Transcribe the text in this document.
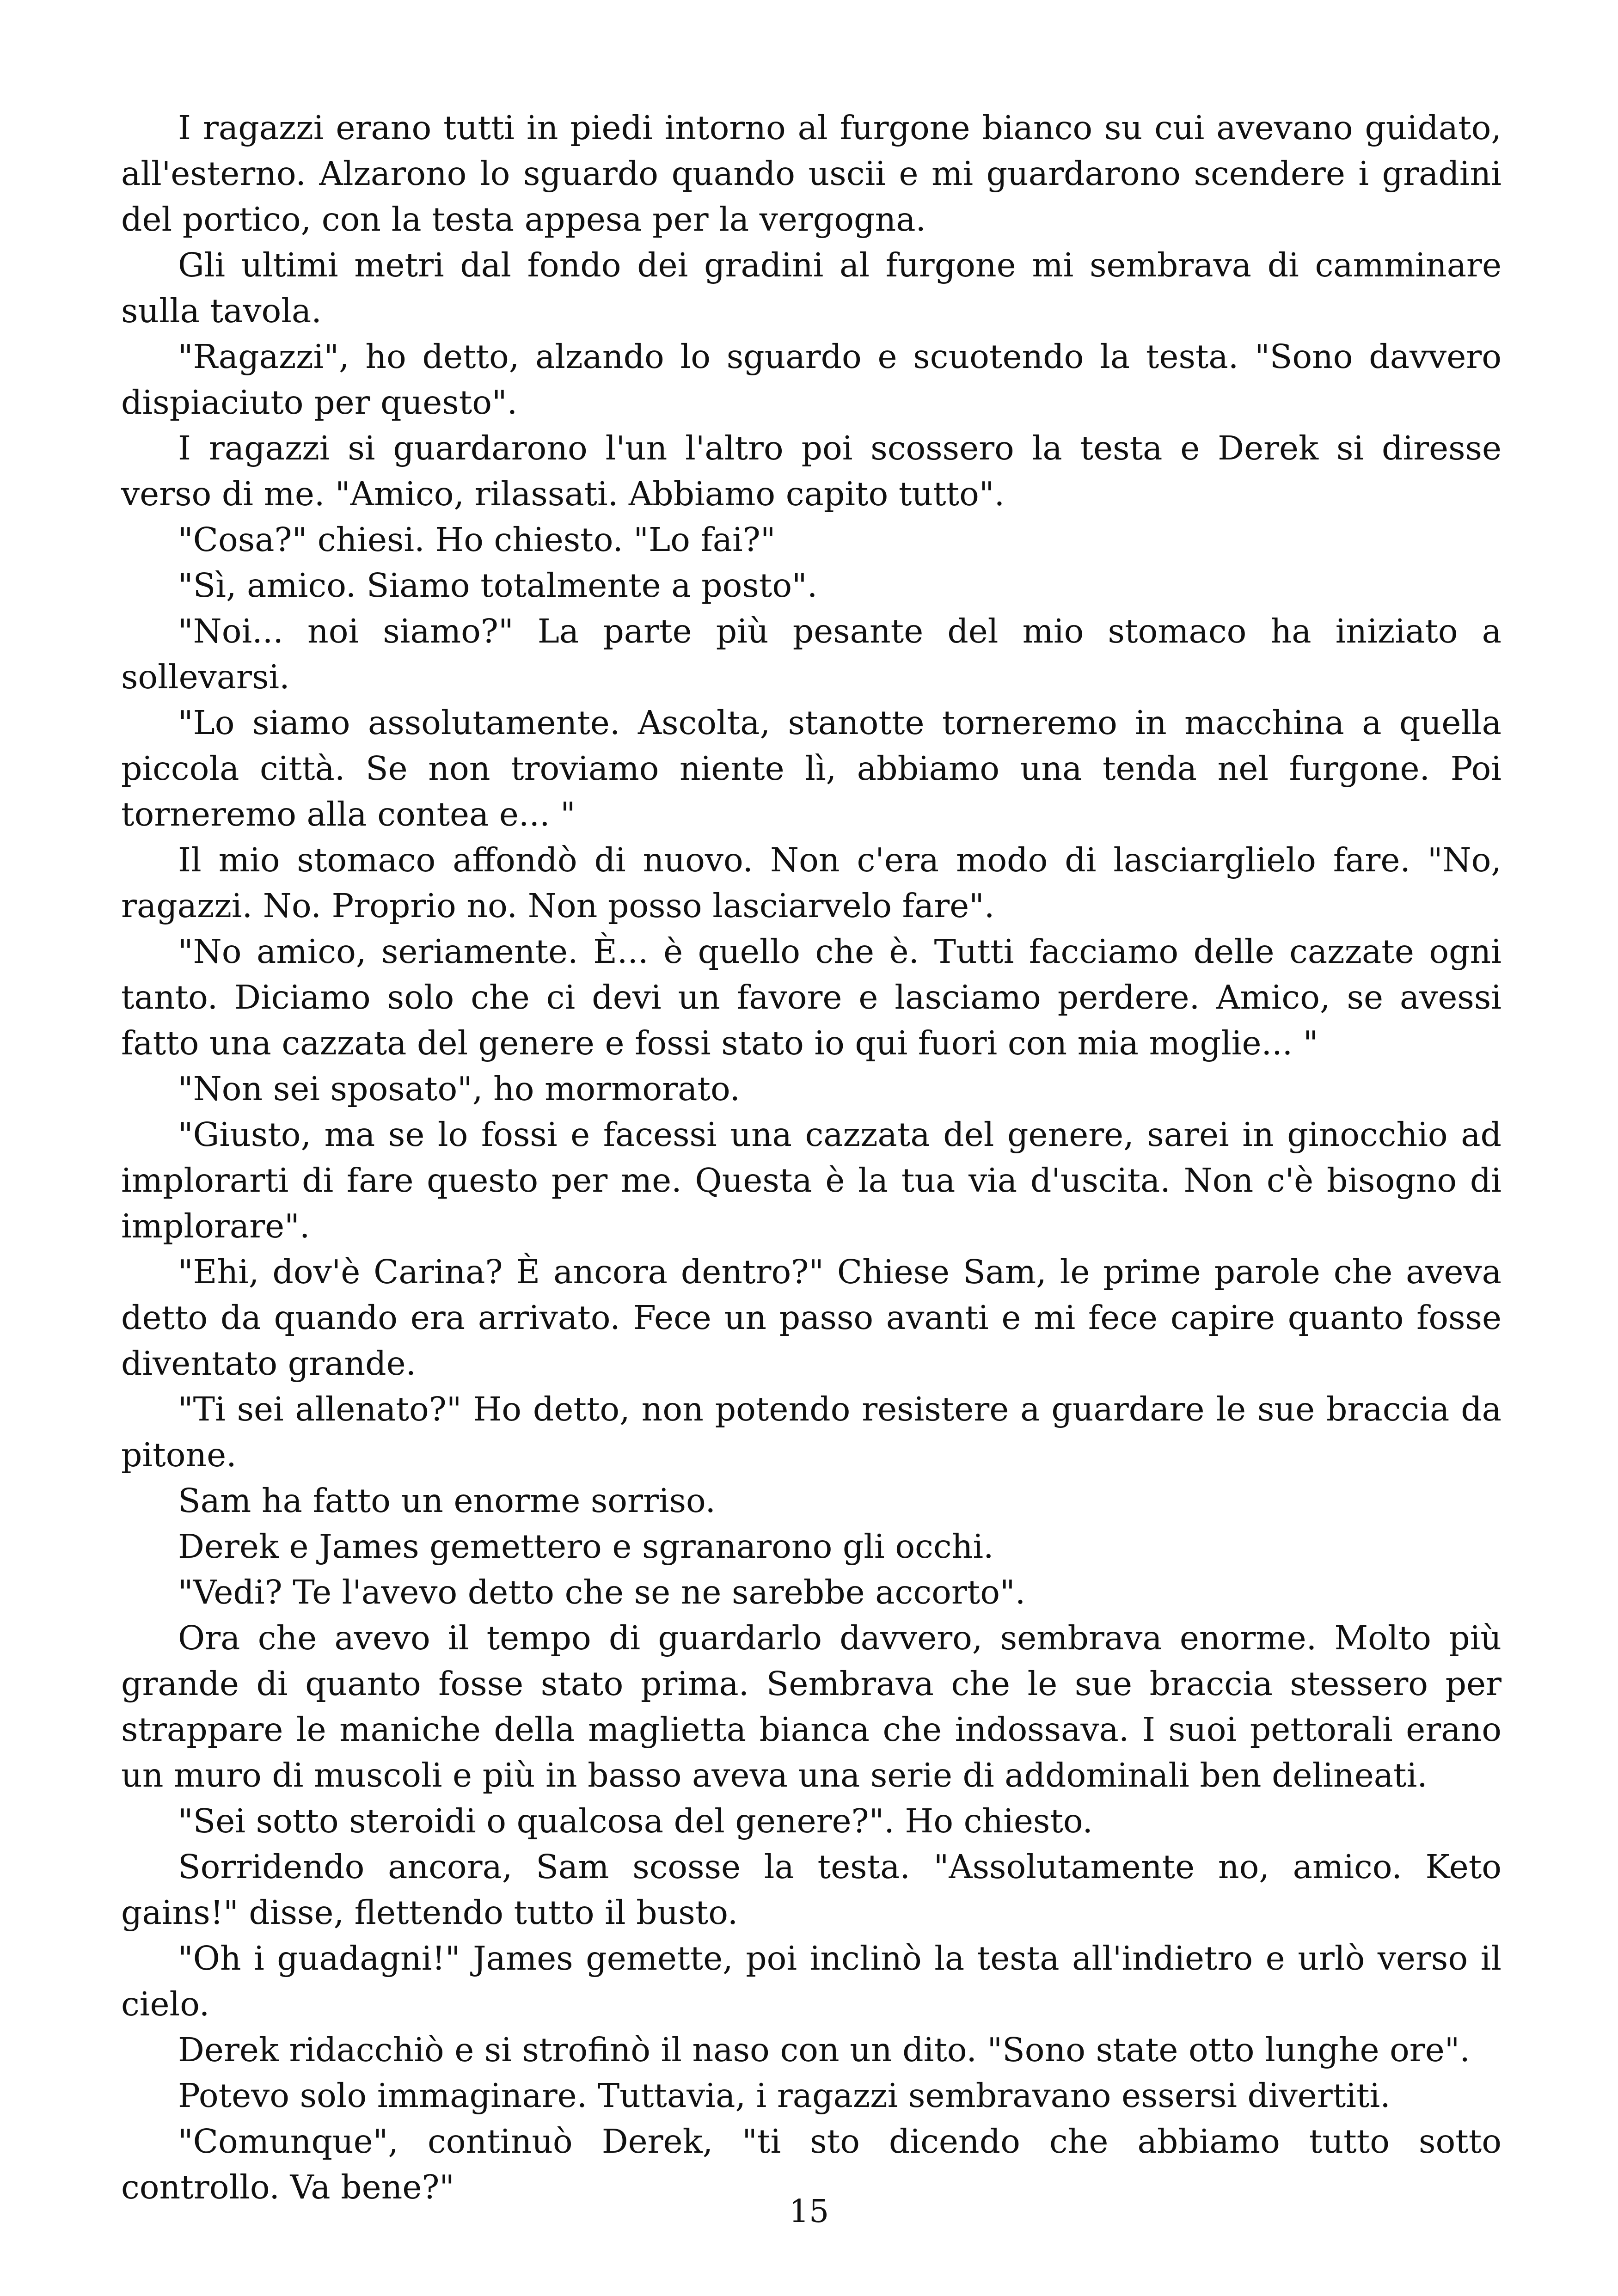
I ragazzi erano tutti in piedi intorno al furgone bianco su cui avevano guidato, all'esterno. Alzarono lo sguardo quando uscii e mi guardarono scendere i gradini del portico, con la testa appesa per la vergogna.

Gli ultimi metri dal fondo dei gradini al furgone mi sembrava di camminare sulla tavola.

"Ragazzi", ho detto, alzando lo sguardo e scuotendo la testa. "Sono davvero dispiaciuto per questo".

I ragazzi si guardarono l'un l'altro poi scossero la testa e Derek si diresse verso di me. "Amico, rilassati. Abbiamo capito tutto".

"Cosa?" chiesi. Ho chiesto. "Lo fai?"

"Sì, amico. Siamo totalmente a posto".

"Noi... noi siamo?" La parte più pesante del mio stomaco ha iniziato a sollevarsi.

"Lo siamo assolutamente. Ascolta, stanotte torneremo in macchina a quella piccola città. Se non troviamo niente lì, abbiamo una tenda nel furgone. Poi torneremo alla contea e... "

Il mio stomaco affondò di nuovo. Non c'era modo di lasciarglielo fare. "No, ragazzi. No. Proprio no. Non posso lasciarvelo fare".

"No amico, seriamente. È... è quello che è. Tutti facciamo delle cazzate ogni tanto. Diciamo solo che ci devi un favore e lasciamo perdere. Amico, se avessi fatto una cazzata del genere e fossi stato io qui fuori con mia moglie... "

"Non sei sposato", ho mormorato.

"Giusto, ma se lo fossi e facessi una cazzata del genere, sarei in ginocchio ad implorarti di fare questo per me. Questa è la tua via d'uscita. Non c'è bisogno di implorare".

"Ehi, dov'è Carina? È ancora dentro?" Chiese Sam, le prime parole che aveva detto da quando era arrivato. Fece un passo avanti e mi fece capire quanto fosse diventato grande.

"Ti sei allenato?" Ho detto, non potendo resistere a guardare le sue braccia da pitone.

Sam ha fatto un enorme sorriso.

Derek e James gemettero e sgranarono gli occhi.

"Vedi? Te l'avevo detto che se ne sarebbe accorto".

Ora che avevo il tempo di guardarlo davvero, sembrava enorme. Molto più grande di quanto fosse stato prima. Sembrava che le sue braccia stessero per strappare le maniche della maglietta bianca che indossava. I suoi pettorali erano un muro di muscoli e più in basso aveva una serie di addominali ben delineati.

"Sei sotto steroidi o qualcosa del genere?". Ho chiesto.

Sorridendo ancora, Sam scosse la testa. "Assolutamente no, amico. Keto gains!" disse, flettendo tutto il busto.

"Oh i guadagni!" James gemette, poi inclinò la testa all'indietro e urlò verso il cielo.

Derek ridacchiò e si strofinò il naso con un dito. "Sono state otto lunghe ore".

Potevo solo immaginare. Tuttavia, i ragazzi sembravano essersi divertiti.

"Comunque", continuò Derek, "ti sto dicendo che abbiamo tutto sotto controllo. Va bene?"

15
